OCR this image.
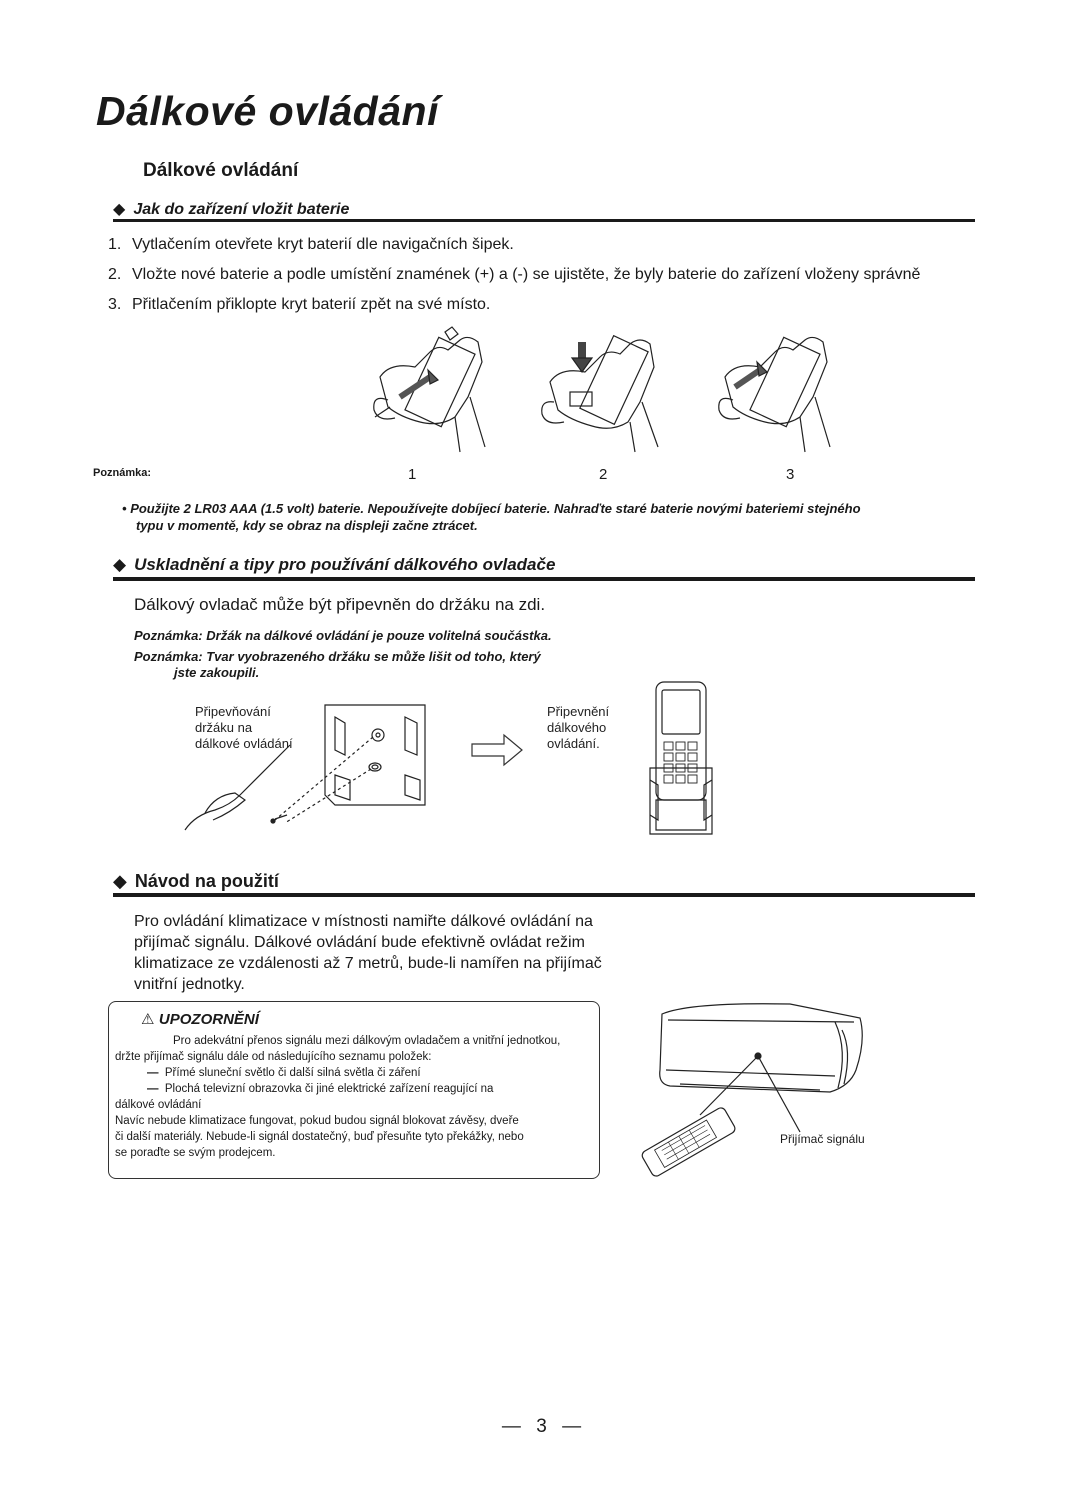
Dálkové ovládání
Dálkové ovládání
◆ Jak do zařízení vložit baterie
1. Vytlačením otevřete kryt baterií dle navigačních šipek.
2. Vložte nové baterie a podle umístění znamének (+) a (-) se ujistěte, že byly baterie do zařízení vloženy správně
3. Přitlačením přiklopte kryt baterií zpět na své místo.
Poznámka:	1	2	3
• Použijte 2 LR03 AAA (1.5 volt) baterie. Nepoužívejte dobíjecí baterie. Nahraďte staré baterie novými bateriemi stejného
typu v momentě, kdy se obraz na displeji začne ztrácet.
◆ Uskladnění a tipy pro používání dálkového ovladače
Dálkový ovladač může být připevněn do držáku na zdi.
Poznámka: Držák na dálkové ovládání je pouze volitelná součástka.
Poznámka: Tvar vyobrazeného držáku se může lišit od toho, který
jste zakoupili.
Připevňování
držáku na
dálkové ovládání
Připevnění
dálkového
ovládání.
◆ Návod na použití
Pro ovládání klimatizace v místnosti namiřte dálkové ovládání na
přijímač signálu. Dálkové ovládání bude efektivně ovládat režim
klimatizace ze vzdálenosti až 7 metrů, bude-li namířen na přijímač
vnitřní jednotky.
⚠ UPOZORNĚNÍ
Pro adekvátní přenos signálu mezi dálkovým ovladačem a vnitřní jednotkou,
držte přijímač signálu dále od následujícího seznamu položek:
—  Přímé sluneční světlo či další silná světla či záření
—  Plochá televizní obrazovka či jiné elektrické zařízení reagující na
dálkové ovládání
Navíc nebude klimatizace fungovat, pokud budou signál blokovat závěsy, dveře
či další materiály. Nebude-li signál dostatečný, buď přesuňte tyto překážky, nebo
se poraďte se svým prodejcem.
Přijímač signálu
— 3 —
